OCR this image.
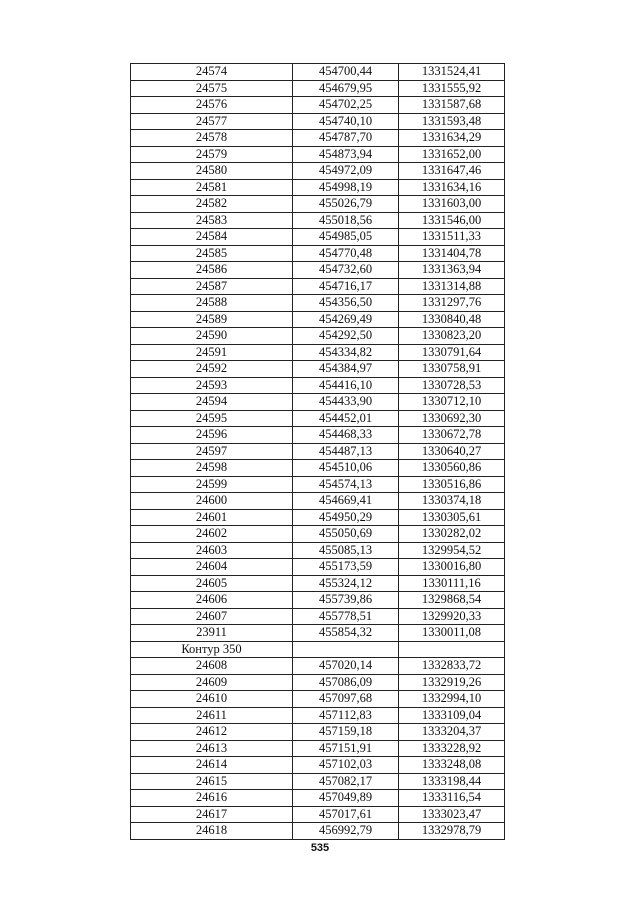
24574	454700,44	1331524,41
24575	454679,95	1331555,92
24576	454702,25	1331587,68
24577	454740,10	1331593,48
24578	454787,70	1331634,29
24579	454873,94	1331652,00
24580	454972,09	1331647,46
24581	454998,19	1331634,16
24582	455026,79	1331603,00
24583	455018,56	1331546,00
24584	454985,05	1331511,33
24585	454770,48	1331404,78
24586	454732,60	1331363,94
24587	454716,17	1331314,88
24588	454356,50	1331297,76
24589	454269,49	1330840,48
24590	454292,50	1330823,20
24591	454334,82	1330791,64
24592	454384,97	1330758,91
24593	454416,10	1330728,53
24594	454433,90	1330712,10
24595	454452,01	1330692,30
24596	454468,33	1330672,78
24597	454487,13	1330640,27
24598	454510,06	1330560,86
24599	454574,13	1330516,86
24600	454669,41	1330374,18
24601	454950,29	1330305,61
24602	455050,69	1330282,02
24603	455085,13	1329954,52
24604	455173,59	1330016,80
24605	455324,12	1330111,16
24606	455739,86	1329868,54
24607	455778,51	1329920,33
23911	455854,32	1330011,08
Контур 350		
24608	457020,14	1332833,72
24609	457086,09	1332919,26
24610	457097,68	1332994,10
24611	457112,83	1333109,04
24612	457159,18	1333204,37
24613	457151,91	1333228,92
24614	457102,03	1333248,08
24615	457082,17	1333198,44
24616	457049,89	1333116,54
24617	457017,61	1333023,47
24618	456992,79	1332978,79
535
